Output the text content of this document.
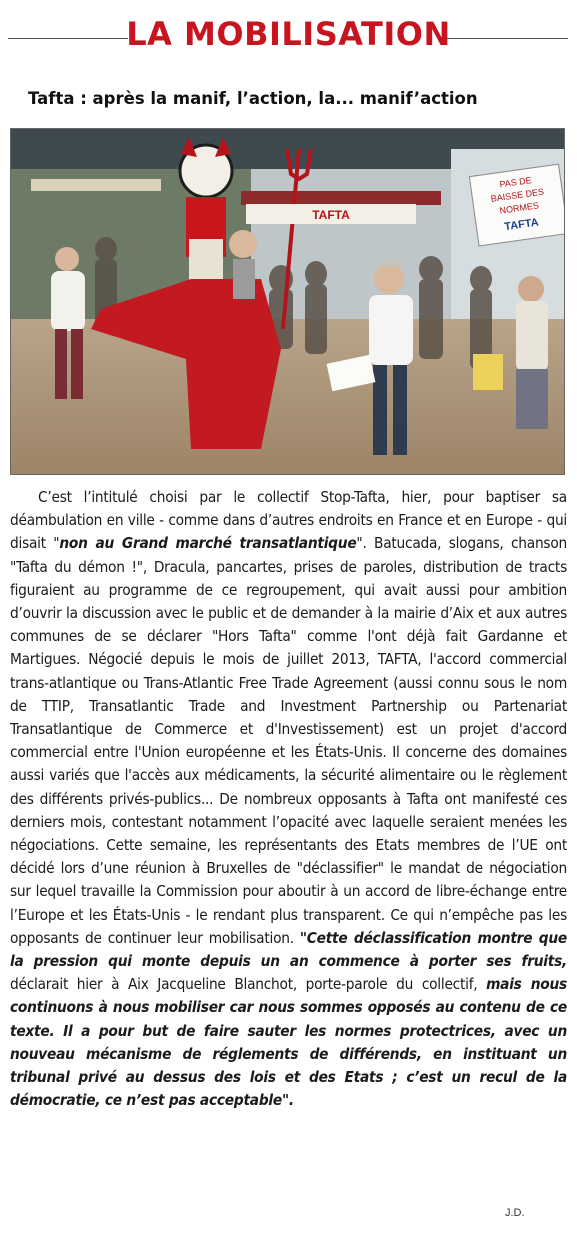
LA MOBILISATION
Tafta : après la manif, l’action, la... manif’action
TAFTA
PAS DE
BAISSE DES
NORMES
TAFTA
C’est l’intitulé choisi par le collectif Stop-Tafta, hier, pour baptiser sa déambulation en ville - comme dans d’autres endroits en France et en Europe - qui disait "non au Grand marché transatlantique". Batucada, slogans, chanson "Tafta du démon !", Dracula, pancartes, prises de paroles, distribution de tracts figuraient au programme de ce regroupement, qui avait aussi pour ambition d’ouvrir la discussion avec le public et de demander à la mairie d’Aix et aux autres communes de se déclarer "Hors Tafta" comme l'ont déjà fait Gardanne et Martigues. Négocié depuis le mois de juillet 2013, TAFTA, l'accord commercial trans-atlantique ou Trans-Atlantic Free Trade Agreement (aussi connu sous le nom de TTIP, Transatlantic Trade and Investment Partnership ou Partenariat Transatlantique de Commerce et d'Investissement) est un projet d'accord commercial entre l'Union européenne et les États-Unis. Il concerne des domaines aussi variés que l'accès aux médicaments, la sécurité alimentaire ou le règlement des différents privés-publics... De nombreux opposants à Tafta ont manifesté ces derniers mois, contestant notamment l’opacité avec laquelle seraient menées les négociations. Cette semaine, les représentants des Etats membres de l’UE ont décidé lors d’une réunion à Bruxelles de "déclassifier" le mandat de négociation sur lequel travaille la Commission pour aboutir à un accord de libre-échange entre l’Europe et les États-Unis - le rendant plus transparent. Ce qui n’empêche pas les opposants de continuer leur mobilisation. "Cette déclassification montre que la pression qui monte depuis un an commence à porter ses fruits, déclarait hier à Aix Jacqueline Blanchot, porte-parole du collectif, mais nous continuons à nous mobiliser car nous sommes opposés au contenu de ce texte. Il a pour but de faire sauter les normes protectrices, avec un nouveau mécanisme de réglements de différends, en instituant un tribunal privé au dessus des lois et des Etats ; c’est un recul de la démocratie, ce n’est pas acceptable".
J.D.
